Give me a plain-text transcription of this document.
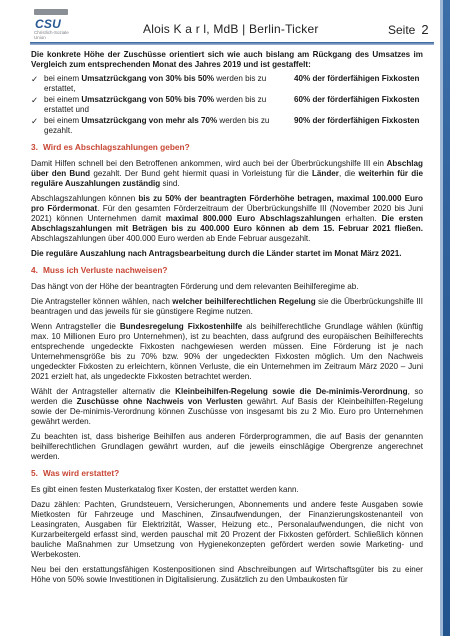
CSU
Christlich-Soziale Union
Alois K a r l, MdB | Berlin-Ticker	Seite 2

Die konkrete Höhe der Zuschüsse orientiert sich wie auch bislang am Rückgang des Umsatzes im Vergleich zum entsprechenden Monat des Jahres 2019 und ist gestaffelt:

✓ bei einem Umsatzrückgang von 30% bis 50% werden bis zu erstattet,
40% der förderfähigen Fixkosten
✓ bei einem Umsatzrückgang von 50% bis 70% werden bis zu erstattet und
60% der förderfähigen Fixkosten
✓ bei einem Umsatzrückgang von mehr als 70% werden bis zu gezahlt.
90% der förderfähigen Fixkosten
3. Wird es Abschlagszahlungen geben?

Damit Hilfen schnell bei den Betroffenen ankommen, wird auch bei der Überbrückungshilfe III ein Abschlag über den Bund gezahlt. Der Bund geht hiermit quasi in Vorleistung für die Länder, die weiterhin für die reguläre Auszahlungen zuständig sind.

Abschlagszahlungen können bis zu 50% der beantragten Förderhöhe betragen, maximal 100.000 Euro pro Fördermonat. Für den gesamten Förderzeitraum der Überbrückungshilfe III (November 2020 bis Juni 2021) können Unternehmen damit maximal 800.000 Euro Abschlagszahlungen erhalten. Die ersten Abschlagszahlungen mit Beträgen bis zu 400.000 Euro können ab dem 15. Februar 2021 fließen. Abschlagszahlungen über 400.000 Euro werden ab Ende Februar ausgezahlt.

Die reguläre Auszahlung nach Antragsbearbeitung durch die Länder startet im Monat März 2021.

4. Muss ich Verluste nachweisen?

Das hängt von der Höhe der beantragten Förderung und dem relevanten Beihilferegime ab.

Die Antragsteller können wählen, nach welcher beihilferechtlichen Regelung sie die Überbrückungshilfe III beantragen und das jeweils für sie günstigere Regime nutzen.

Wenn Antragsteller die Bundesregelung Fixkostenhilfe als beihilferechtliche Grundlage wählen (künftig max. 10 Millionen Euro pro Unternehmen), ist zu beachten, dass aufgrund des europäischen Beihilferechts entsprechende ungedeckte Fixkosten nachgewiesen werden müssen. Eine Förderung ist je nach Unternehmensgröße bis zu 70% bzw. 90% der ungedeckten Fixkosten möglich. Um den Nachweis ungedeckter Fixkosten zu erleichtern, können Verluste, die ein Unternehmen im Zeitraum März 2020 – Juni 2021 erzielt hat, als ungedeckte Fixkosten betrachtet werden.

Wählt der Antragsteller alternativ die Kleinbeihilfen-Regelung sowie die De-minimis-Verordnung, so werden die Zuschüsse ohne Nachweis von Verlusten gewährt. Auf Basis der Kleinbeihilfen-Regelung sowie der De-minimis-Verordnung können Zuschüsse von insgesamt bis zu 2 Mio. Euro pro Unternehmen gewährt werden.

Zu beachten ist, dass bisherige Beihilfen aus anderen Förderprogrammen, die auf Basis der genannten beihilferechtlichen Grundlagen gewährt wurden, auf die jeweils einschlägige Obergrenze angerechnet werden.

5. Was wird erstattet?

Es gibt einen festen Musterkatalog fixer Kosten, der erstattet werden kann.

Dazu zählen: Pachten, Grundsteuern, Versicherungen, Abonnements und andere feste Ausgaben sowie Mietkosten für Fahrzeuge und Maschinen, Zinsaufwendungen, der Finanzierungskostenanteil von Leasingraten, Ausgaben für Elektrizität, Wasser, Heizung etc., Personalaufwendungen, die nicht von Kurzarbeitergeld erfasst sind, werden pauschal mit 20 Prozent der Fixkosten gefördert. Schließlich können bauliche Maßnahmen zur Umsetzung von Hygienekonzepten gefördert werden sowie Marketing- und Werbekosten.

Neu bei den erstattungsfähigen Kostenpositionen sind Abschreibungen auf Wirtschaftsgüter bis zu einer Höhe von 50% sowie Investitionen in Digitalisierung. Zusätzlich zu den Umbaukosten für
